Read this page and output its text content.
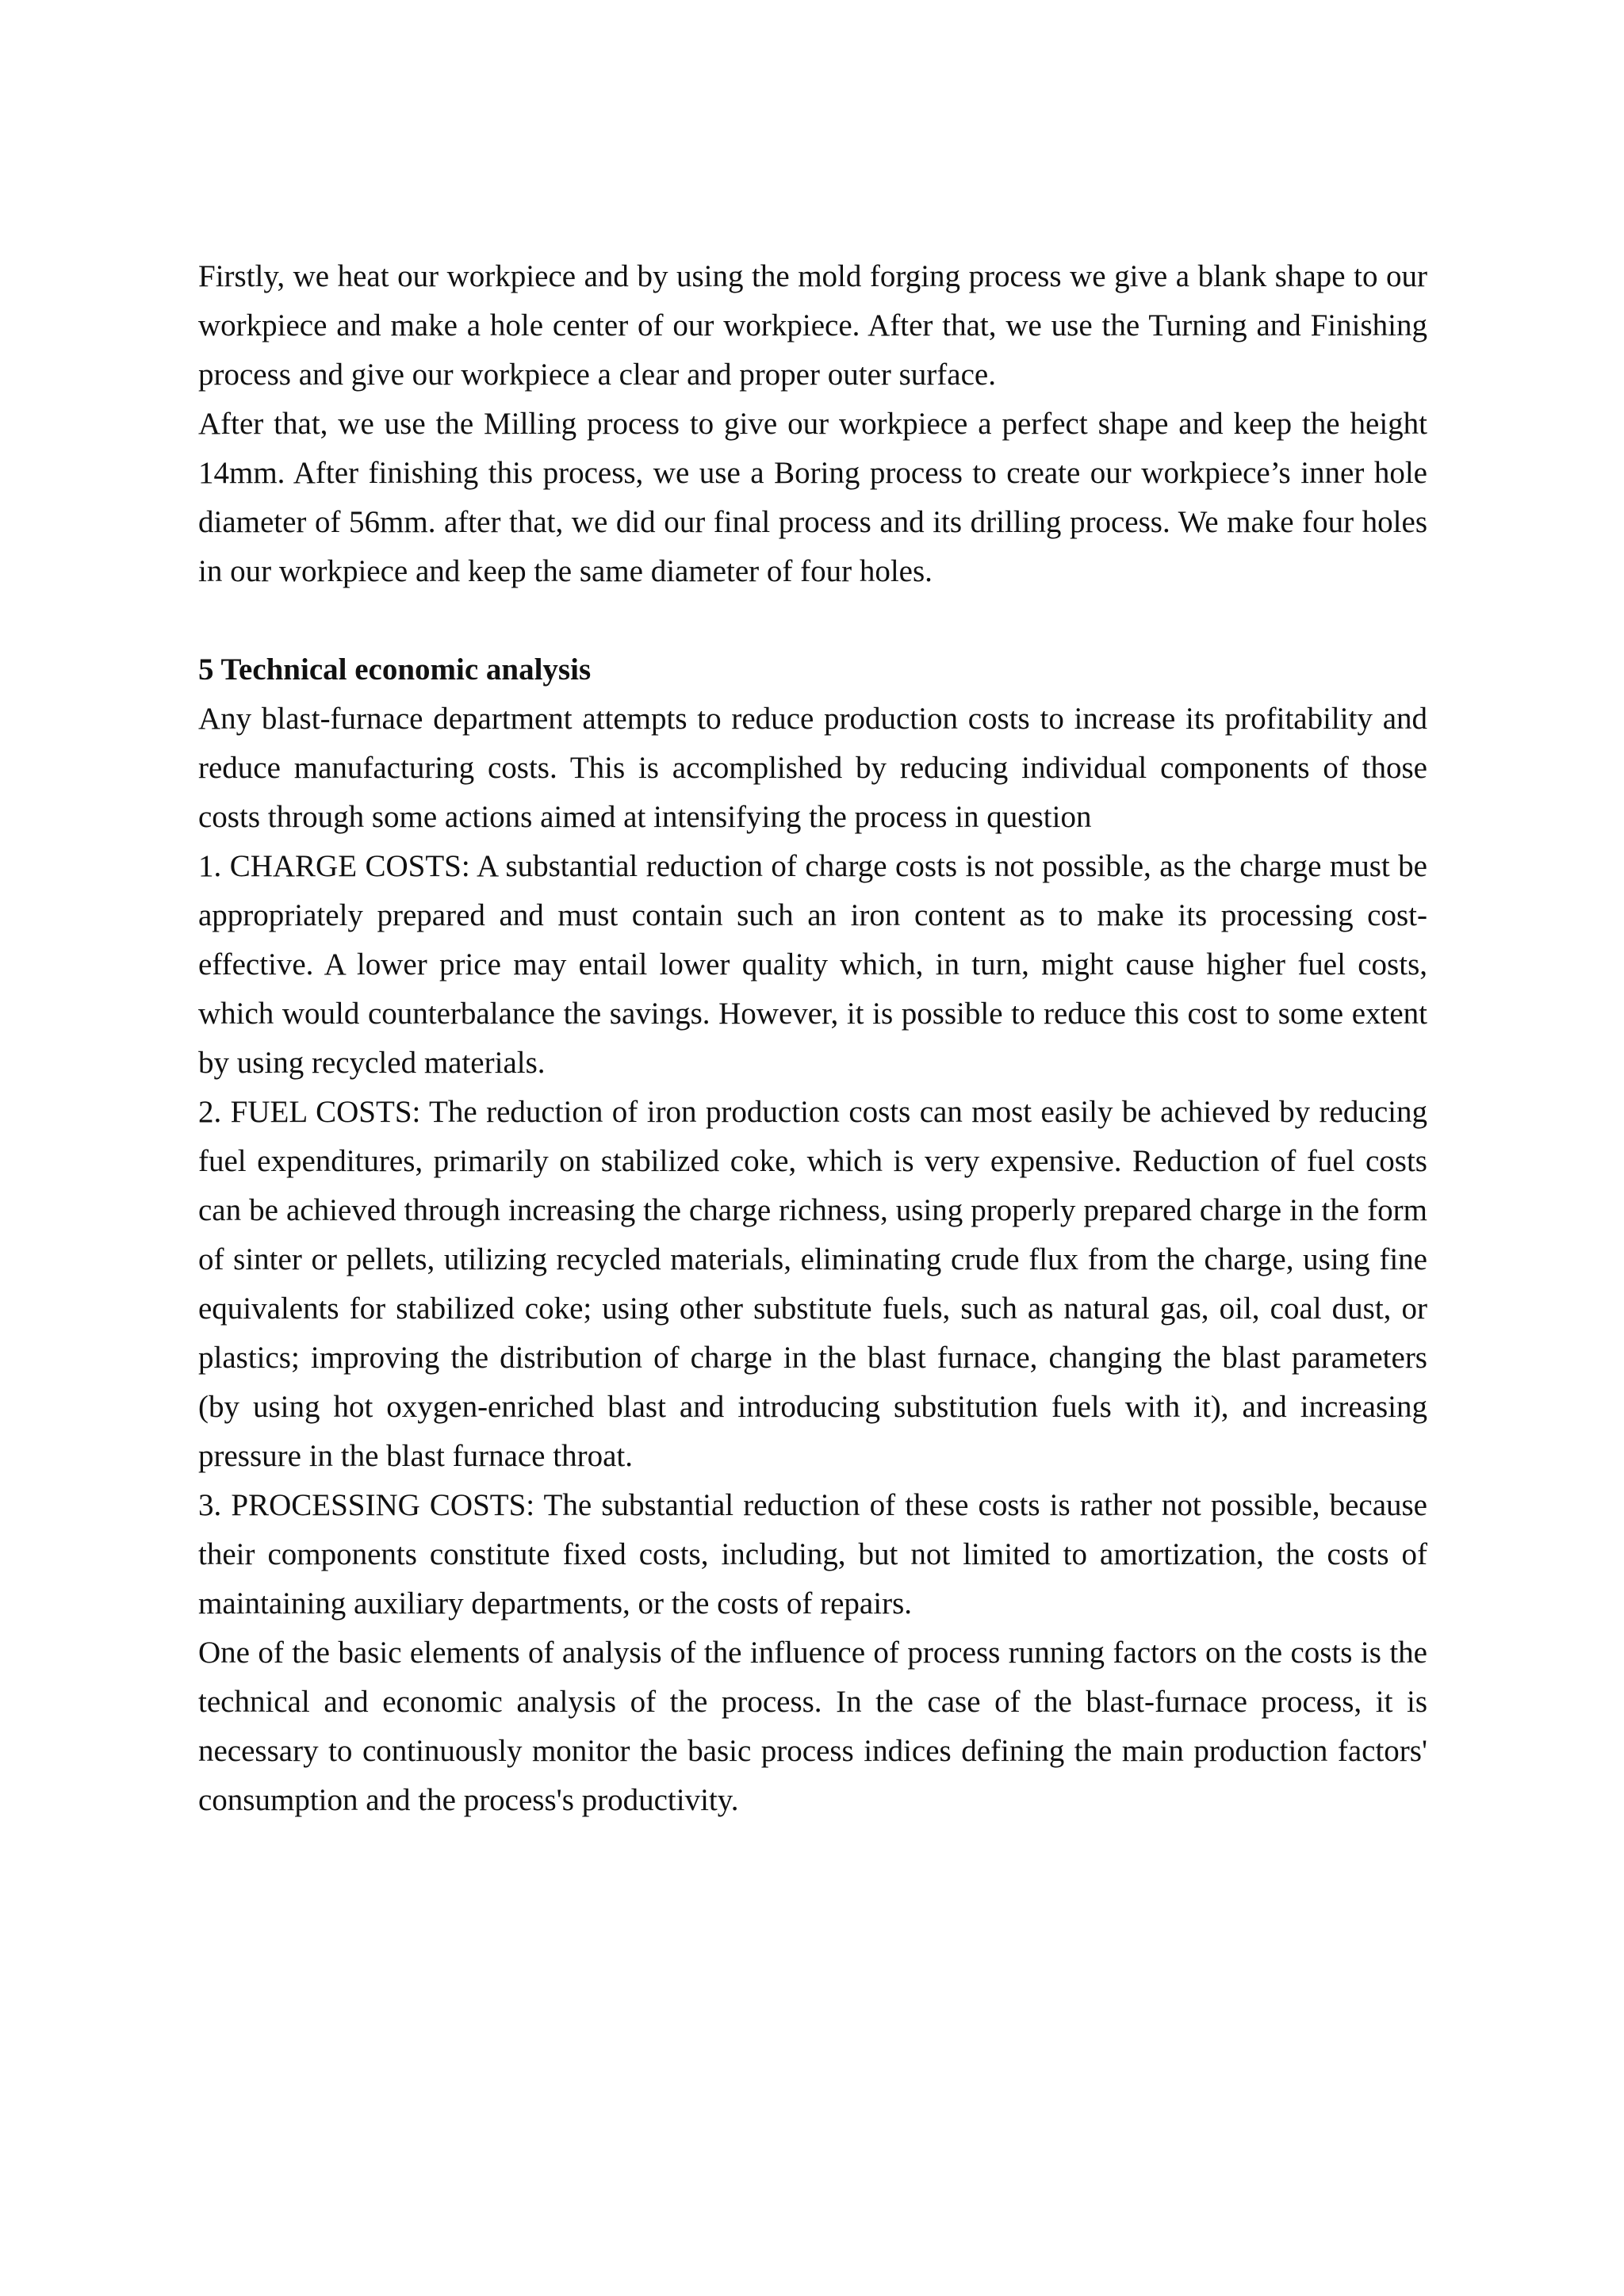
Firstly, we heat our workpiece and by using the mold forging process we give a blank shape to our workpiece and make a hole center of our workpiece. After that, we use the Turning and Finishing process and give our workpiece a clear and proper outer surface.

After that, we use the Milling process to give our workpiece a perfect shape and keep the height 14mm. After finishing this process, we use a Boring process to create our workpiece’s inner hole diameter of 56mm. after that, we did our final process and its drilling process. We make four holes in our workpiece and keep the same diameter of four holes.

5 Technical economic analysis

Any blast-furnace department attempts to reduce production costs to increase its profitability and reduce manufacturing costs. This is accomplished by reducing individual components of those costs through some actions aimed at intensifying the process in question

1. CHARGE COSTS: A substantial reduction of charge costs is not possible, as the charge must be appropriately prepared and must contain such an iron content as to make its processing cost-effective. A lower price may entail lower quality which, in turn, might cause higher fuel costs, which would counterbalance the savings. However, it is possible to reduce this cost to some extent by using recycled materials.

2. FUEL COSTS: The reduction of iron production costs can most easily be achieved by reducing fuel expenditures, primarily on stabilized coke, which is very expensive. Reduction of fuel costs can be achieved through increasing the charge richness, using properly prepared charge in the form of sinter or pellets, utilizing recycled materials, eliminating crude flux from the charge, using fine equivalents for stabilized coke; using other substitute fuels, such as natural gas, oil, coal dust, or plastics; improving the distribution of charge in the blast furnace, changing the blast parameters (by using hot oxygen-enriched blast and introducing substitution fuels with it), and increasing pressure in the blast furnace throat.

3. PROCESSING COSTS: The substantial reduction of these costs is rather not possible, because their components constitute fixed costs, including, but not limited to amortization, the costs of maintaining auxiliary departments, or the costs of repairs.

One of the basic elements of analysis of the influence of process running factors on the costs is the technical and economic analysis of the process. In the case of the blast-furnace process, it is necessary to continuously monitor the basic process indices defining the main production factors' consumption and the process's productivity.
